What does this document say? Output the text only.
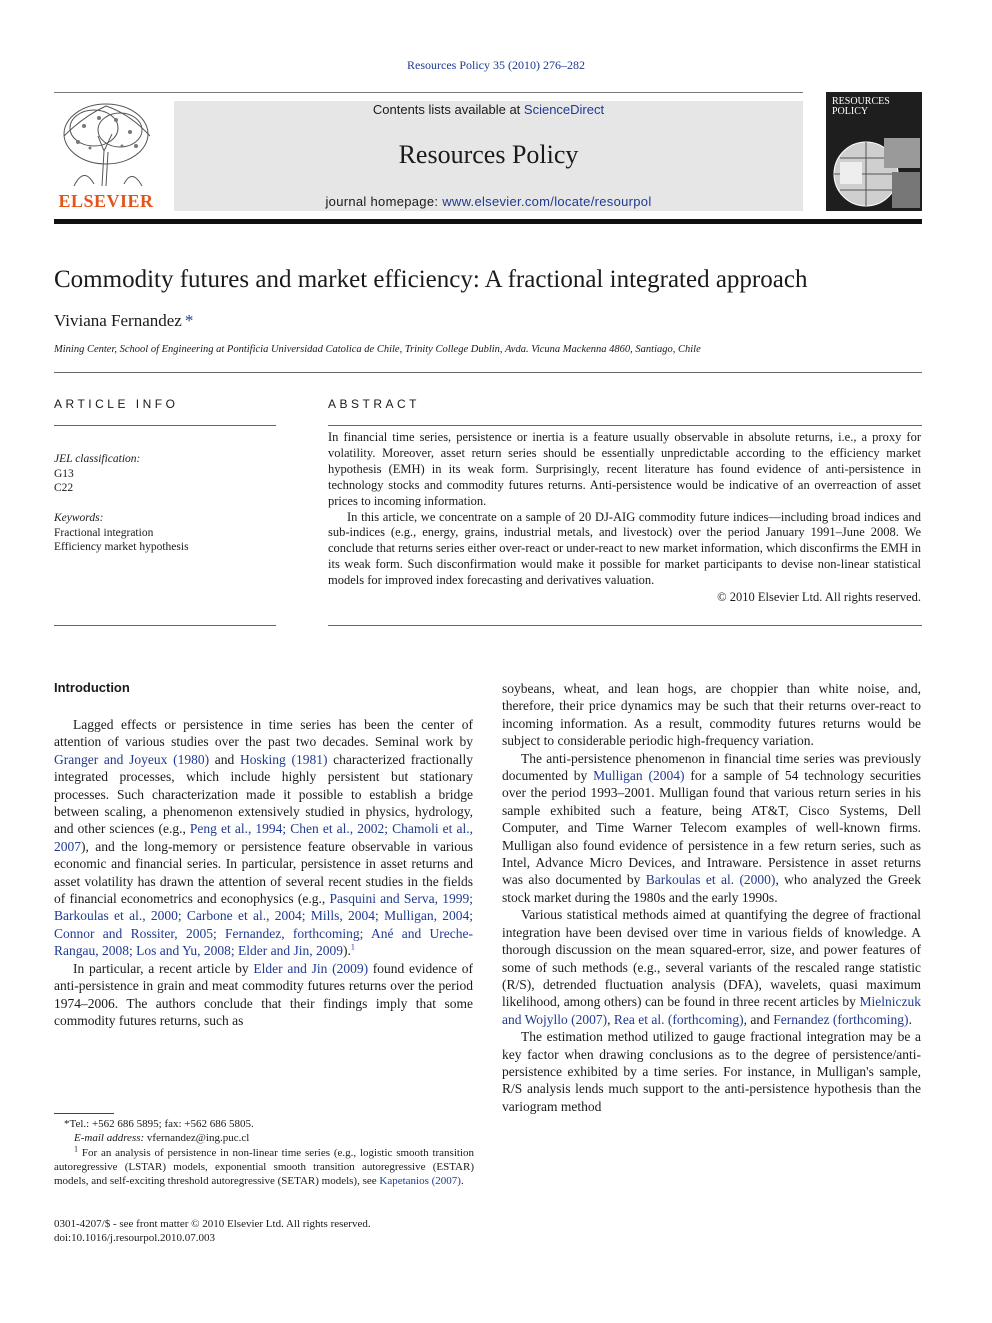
Resources Policy 35 (2010) 276–282
ELSEVIER
Contents lists available at ScienceDirect
Resources Policy
journal homepage: www.elsevier.com/locate/resourpol
RESOURCES
POLICY
Commodity futures and market efficiency: A fractional integrated approach
Viviana Fernandez *
Mining Center, School of Engineering at Pontificia Universidad Catolica de Chile, Trinity College Dublin, Avda. Vicuna Mackenna 4860, Santiago, Chile
ARTICLE INFO
JEL classification:
G13
C22
Keywords:
Fractional integration
Efficiency market hypothesis
ABSTRACT

In financial time series, persistence or inertia is a feature usually observable in absolute returns, i.e., a proxy for volatility. Moreover, asset return series should be essentially unpredictable according to the efficiency market hypothesis (EMH) in its weak form. Surprisingly, recent literature has found evidence of anti-persistence in technology stocks and commodity futures returns. Anti-persistence would be indicative of an overreaction of asset prices to incoming information.

In this article, we concentrate on a sample of 20 DJ-AIG commodity future indices—including broad indices and sub-indices (e.g., energy, grains, industrial metals, and livestock) over the period January 1991–June 2008. We conclude that returns series either over-react or under-react to new market information, which disconfirms the EMH in its weak form. Such disconfirmation would make it possible for market participants to devise non-linear statistical models for improved index forecasting and derivatives valuation.

© 2010 Elsevier Ltd. All rights reserved.

Introduction

Lagged effects or persistence in time series has been the center of attention of various studies over the past two decades. Seminal work by Granger and Joyeux (1980) and Hosking (1981) characterized fractionally integrated processes, which include highly persistent but stationary processes. Such characterization made it possible to establish a bridge between scaling, a phenomenon extensively studied in physics, hydrology, and other sciences (e.g., Peng et al., 1994; Chen et al., 2002; Chamoli et al., 2007), and the long-memory or persistence feature observable in various economic and financial series. In particular, persistence in asset returns and asset volatility has drawn the attention of several recent studies in the fields of financial econometrics and econophysics (e.g., Pasquini and Serva, 1999; Barkoulas et al., 2000; Carbone et al., 2004; Mills, 2004; Mulligan, 2004; Connor and Rossiter, 2005; Fernandez, forthcoming; Ané and Ureche-Rangau, 2008; Los and Yu, 2008; Elder and Jin, 2009).$^1$

In particular, a recent article by Elder and Jin (2009) found evidence of anti-persistence in grain and meat commodity futures returns over the period 1974–2006. The authors conclude that their findings imply that some commodity futures returns, such as

soybeans, wheat, and lean hogs, are choppier than white noise, and, therefore, their price dynamics may be such that their returns over-react to incoming information. As a result, commodity futures returns would be subject to considerable periodic high-frequency variation.

The anti-persistence phenomenon in financial time series was previously documented by Mulligan (2004) for a sample of 54 technology securities over the period 1993–2001. Mulligan found that various return series in his sample exhibited such a feature, being AT&T, Cisco Systems, Dell Computer, and Time Warner Telecom examples of well-known firms. Mulligan also found evidence of persistence in a few return series, such as Intel, Advance Micro Devices, and Intraware. Persistence in asset returns was also documented by Barkoulas et al. (2000), who analyzed the Greek stock market during the 1980s and the early 1990s.

Various statistical methods aimed at quantifying the degree of fractional integration have been devised over time in various fields of knowledge. A thorough discussion on the mean squared-error, size, and power features of some of such methods (e.g., several variants of the rescaled range statistic (R/S), detrended fluctuation analysis (DFA), wavelets, quasi maximum likelihood, among others) can be found in three recent articles by Mielniczuk and Wojyllo (2007), Rea et al. (forthcoming), and Fernandez (forthcoming).

The estimation method utilized to gauge fractional integration may be a key factor when drawing conclusions as to the degree of persistence/anti-persistence exhibited by a time series. For instance, in Mulligan's sample, R/S analysis lends much support to the anti-persistence hypothesis than the variogram method

*Tel.: +562 686 5895; fax: +562 686 5805.

E-mail address: vfernandez@ing.puc.cl

$^1$ For an analysis of persistence in non-linear time series (e.g., logistic smooth transition autoregressive (LSTAR) models, exponential smooth transition autoregressive (ESTAR) models, and self-exciting threshold autoregressive (SETAR) models), see Kapetanios (2007).

0301-4207/$ - see front matter © 2010 Elsevier Ltd. All rights reserved.
doi:10.1016/j.resourpol.2010.07.003
